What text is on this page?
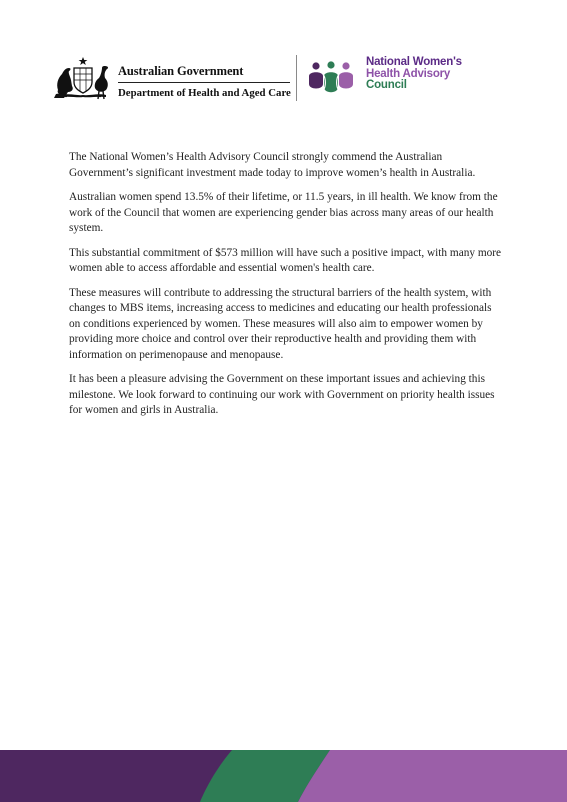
Australian Government
Department of Health and Aged Care
National Women's
Health Advisory
Council

The National Women’s Health Advisory Council strongly commend the Australian Government’s significant investment made today to improve women’s health in Australia.

Australian women spend 13.5% of their lifetime, or 11.5 years, in ill health. We know from the work of the Council that women are experiencing gender bias across many areas of our health system.

This substantial commitment of $573 million will have such a positive impact, with many more women able to access affordable and essential women's health care.

These measures will contribute to addressing the structural barriers of the health system, with changes to MBS items, increasing access to medicines and educating our health professionals on conditions experienced by women. These measures will also aim to empower women by providing more choice and control over their reproductive health and providing them with information on perimenopause and menopause.

It has been a pleasure advising the Government on these important issues and achieving this milestone. We look forward to continuing our work with Government on priority health issues for women and girls in Australia.
